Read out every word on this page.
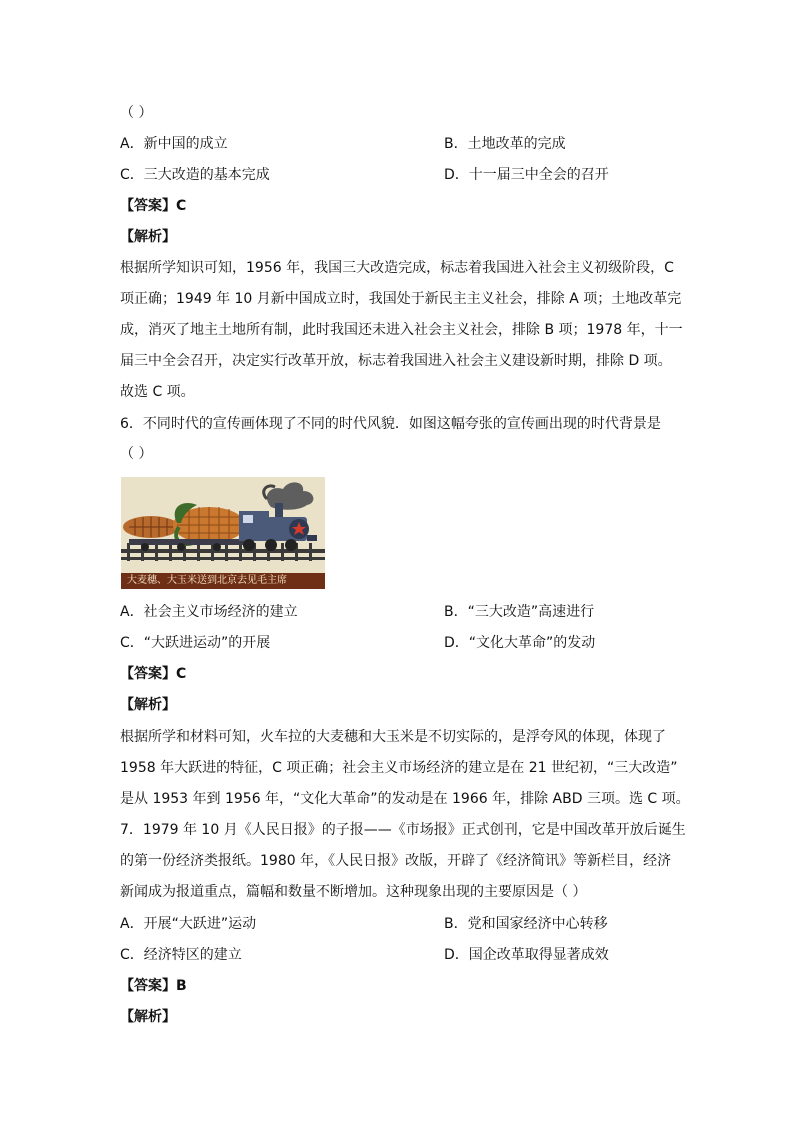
（ ）
A．新中国的成立	B．土地改革的完成
C．三大改造的基本完成	D．十一届三中全会的召开
【答案】C
【解析】
根据所学知识可知，1956 年，我国三大改造完成，标志着我国进入社会主义初级阶段，C
项正确；1949 年 10 月新中国成立时，我国处于新民主主义社会，排除 A 项；土地改革完
成，消灭了地主土地所有制，此时我国还未进入社会主义社会，排除 B 项；1978 年，十一
届三中全会召开，决定实行改革开放，标志着我国进入社会主义建设新时期，排除 D 项。
故选 C 项。
6．不同时代的宣传画体现了不同的时代风貌．如图这幅夸张的宣传画出现的时代背景是
（ ）
大麦穗、大玉米送到北京去见毛主席
A．社会主义市场经济的建立	B．“三大改造”高速进行
C．“大跃进运动”的开展	D．“文化大革命”的发动
【答案】C
【解析】
根据所学和材料可知，火车拉的大麦穗和大玉米是不切实际的，是浮夸风的体现，体现了
1958 年大跃进的特征，C 项正确；社会主义市场经济的建立是在 21 世纪初，“三大改造”
是从 1953 年到 1956 年，“文化大革命”的发动是在 1966 年，排除 ABD 三项。选 C 项。
7．1979 年 10 月《人民日报》的子报——《市场报》正式创刊，它是中国改革开放后诞生
的第一份经济类报纸。1980 年，《人民日报》改版，开辟了《经济简讯》等新栏目，经济
新闻成为报道重点，篇幅和数量不断增加。这种现象出现的主要原因是（ ）
A．开展“大跃进”运动	B．党和国家经济中心转移
C．经济特区的建立	D．国企改革取得显著成效
【答案】B
【解析】
